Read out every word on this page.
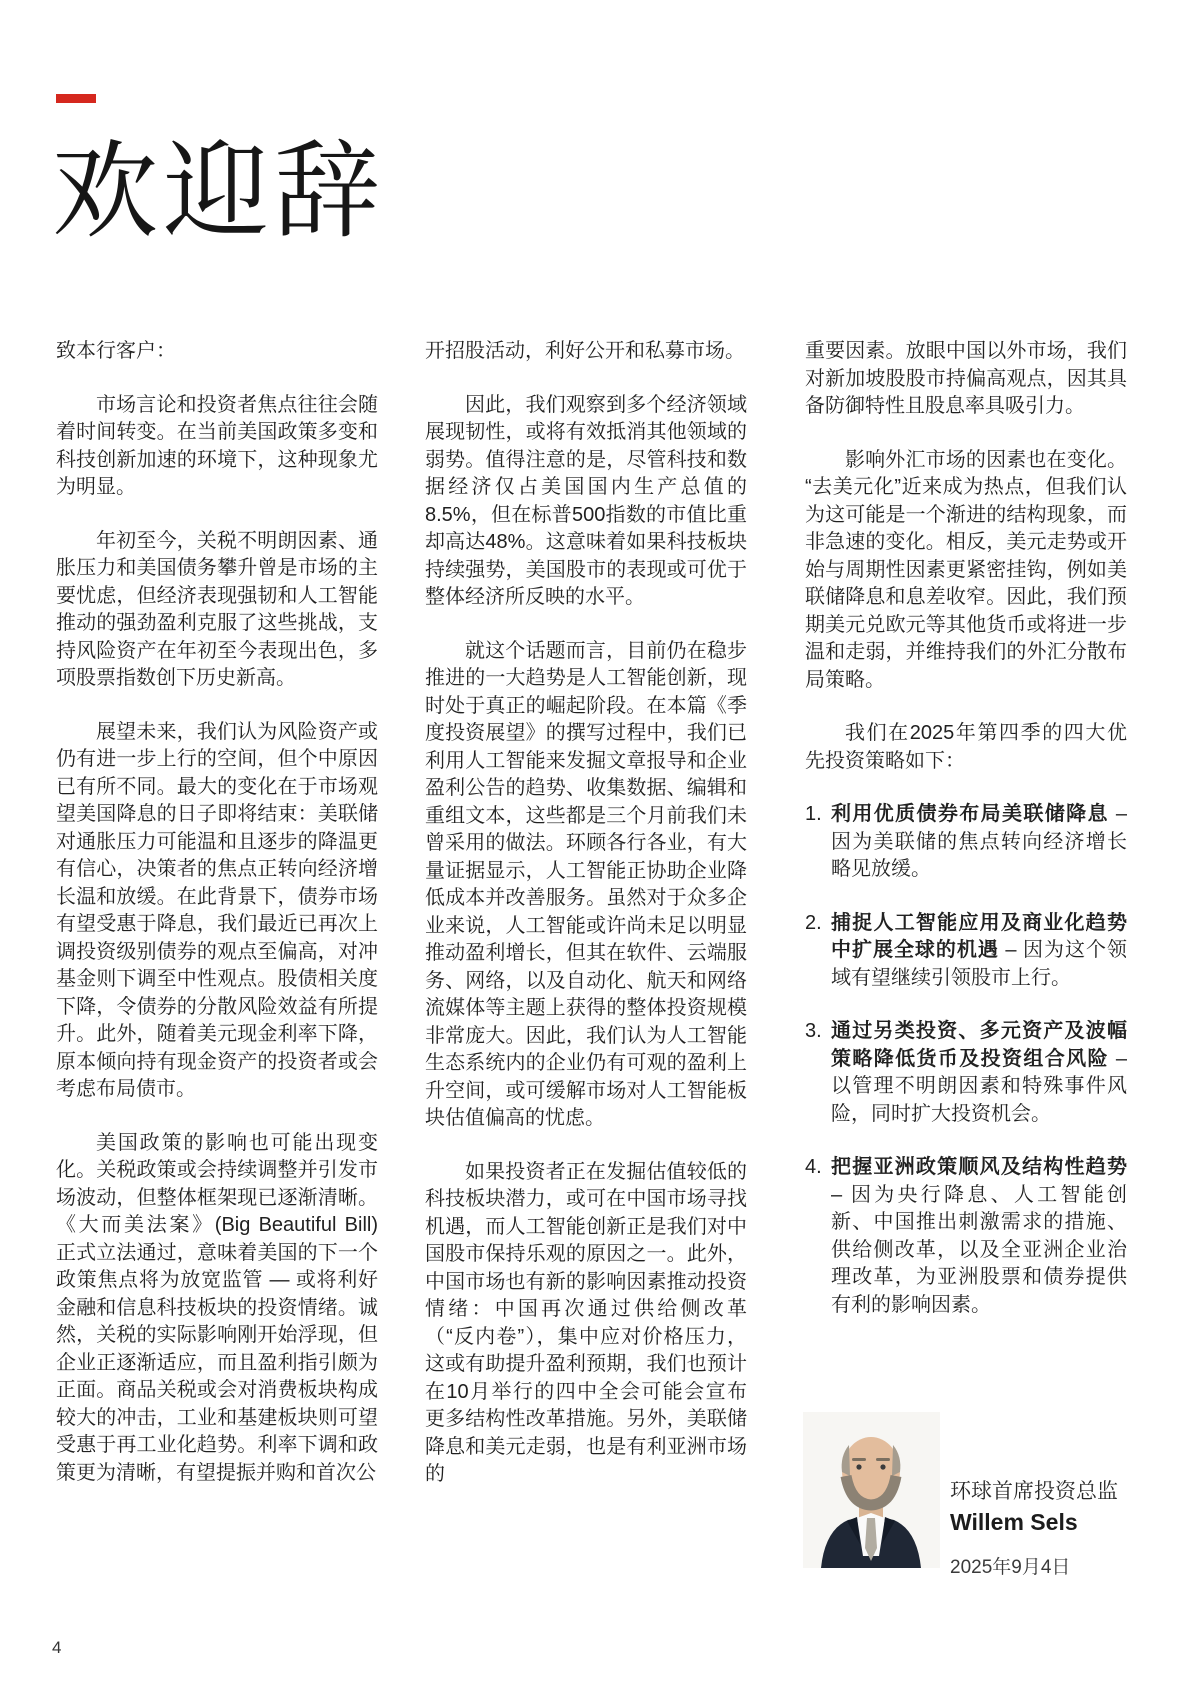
欢迎辞

致本行客户：

市场言论和投资者焦点往往会随着时间转变。在当前美国政策多变和科技创新加速的环境下，这种现象尤为明显。

年初至今，关税不明朗因素、通胀压力和美国债务攀升曾是市场的主要忧虑，但经济表现强韧和人工智能推动的强劲盈利克服了这些挑战，支持风险资产在年初至今表现出色，多项股票指数创下历史新高。

展望未来，我们认为风险资产或仍有进一步上行的空间，但个中原因已有所不同。最大的变化在于市场观望美国降息的日子即将结束：美联储对通胀压力可能温和且逐步的降温更有信心，决策者的焦点正转向经济增长温和放缓。在此背景下，债券市场有望受惠于降息，我们最近已再次上调投资级别债券的观点至偏高，对冲基金则下调至中性观点。股债相关度下降，令债券的分散风险效益有所提升。此外，随着美元现金利率下降，原本倾向持有现金资产的投资者或会考虑布局债市。

美国政策的影响也可能出现变化。关税政策或会持续调整并引发市场波动，但整体框架现已逐渐清晰。《大而美法案》(Big Beautiful Bill) 正式立法通过，意味着美国的下一个政策焦点将为放宽监管 — 或将利好金融和信息科技板块的投资情绪。诚然，关税的实际影响刚开始浮现，但企业正逐渐适应，而且盈利指引颇为正面。商品关税或会对消费板块构成较大的冲击，工业和基建板块则可望受惠于再工业化趋势。利率下调和政策更为清晰，有望提振并购和首次公

开招股活动，利好公开和私募市场。

因此，我们观察到多个经济领域展现韧性，或将有效抵消其他领域的弱势。值得注意的是，尽管科技和数据经济仅占美国国内生产总值的8.5%，但在标普500指数的市值比重却高达48%。这意味着如果科技板块持续强势，美国股市的表现或可优于整体经济所反映的水平。

就这个话题而言，目前仍在稳步推进的一大趋势是人工智能创新，现时处于真正的崛起阶段。在本篇《季度投资展望》的撰写过程中，我们已利用人工智能来发掘文章报导和企业盈利公告的趋势、收集数据、编辑和重组文本，这些都是三个月前我们未曾采用的做法。环顾各行各业，有大量证据显示，人工智能正协助企业降低成本并改善服务。虽然对于众多企业来说，人工智能或许尚未足以明显推动盈利增长，但其在软件、云端服务、网络，以及自动化、航天和网络流媒体等主题上获得的整体投资规模非常庞大。因此，我们认为人工智能生态系统内的企业仍有可观的盈利上升空间，或可缓解市场对人工智能板块估值偏高的忧虑。

如果投资者正在发掘估值较低的科技板块潜力，或可在中国市场寻找机遇，而人工智能创新正是我们对中国股市保持乐观的原因之一。此外，中国市场也有新的影响因素推动投资情绪：中国再次通过供给侧改革（“反内卷”），集中应对价格压力，这或有助提升盈利预期，我们也预计在10月举行的四中全会可能会宣布更多结构性改革措施。另外，美联储降息和美元走弱，也是有利亚洲市场的

重要因素。放眼中国以外市场，我们对新加坡股股市持偏高观点，因其具备防御特性且股息率具吸引力。

影响外汇市场的因素也在变化。“去美元化”近来成为热点，但我们认为这可能是一个渐进的结构现象，而非急速的变化。相反，美元走势或开始与周期性因素更紧密挂钩，例如美联储降息和息差收窄。因此，我们预期美元兑欧元等其他货币或将进一步温和走弱，并维持我们的外汇分散布局策略。

我们在2025年第四季的四大优先投资策略如下：

1. 利用优质债券布局美联储降息 – 因为美联储的焦点转向经济增长略见放缓。
2. 捕捉人工智能应用及商业化趋势中扩展全球的机遇 – 因为这个领域有望继续引领股市上行。
3. 通过另类投资、多元资产及波幅策略降低货币及投资组合风险 – 以管理不明朗因素和特殊事件风险，同时扩大投资机会。
4. 把握亚洲政策顺风及结构性趋势 – 因为央行降息、人工智能创新、中国推出刺激需求的措施、供给侧改革，以及全亚洲企业治理改革，为亚洲股票和债券提供有利的影响因素。
环球首席投资总监
Willem Sels
2025年9月4日
4
